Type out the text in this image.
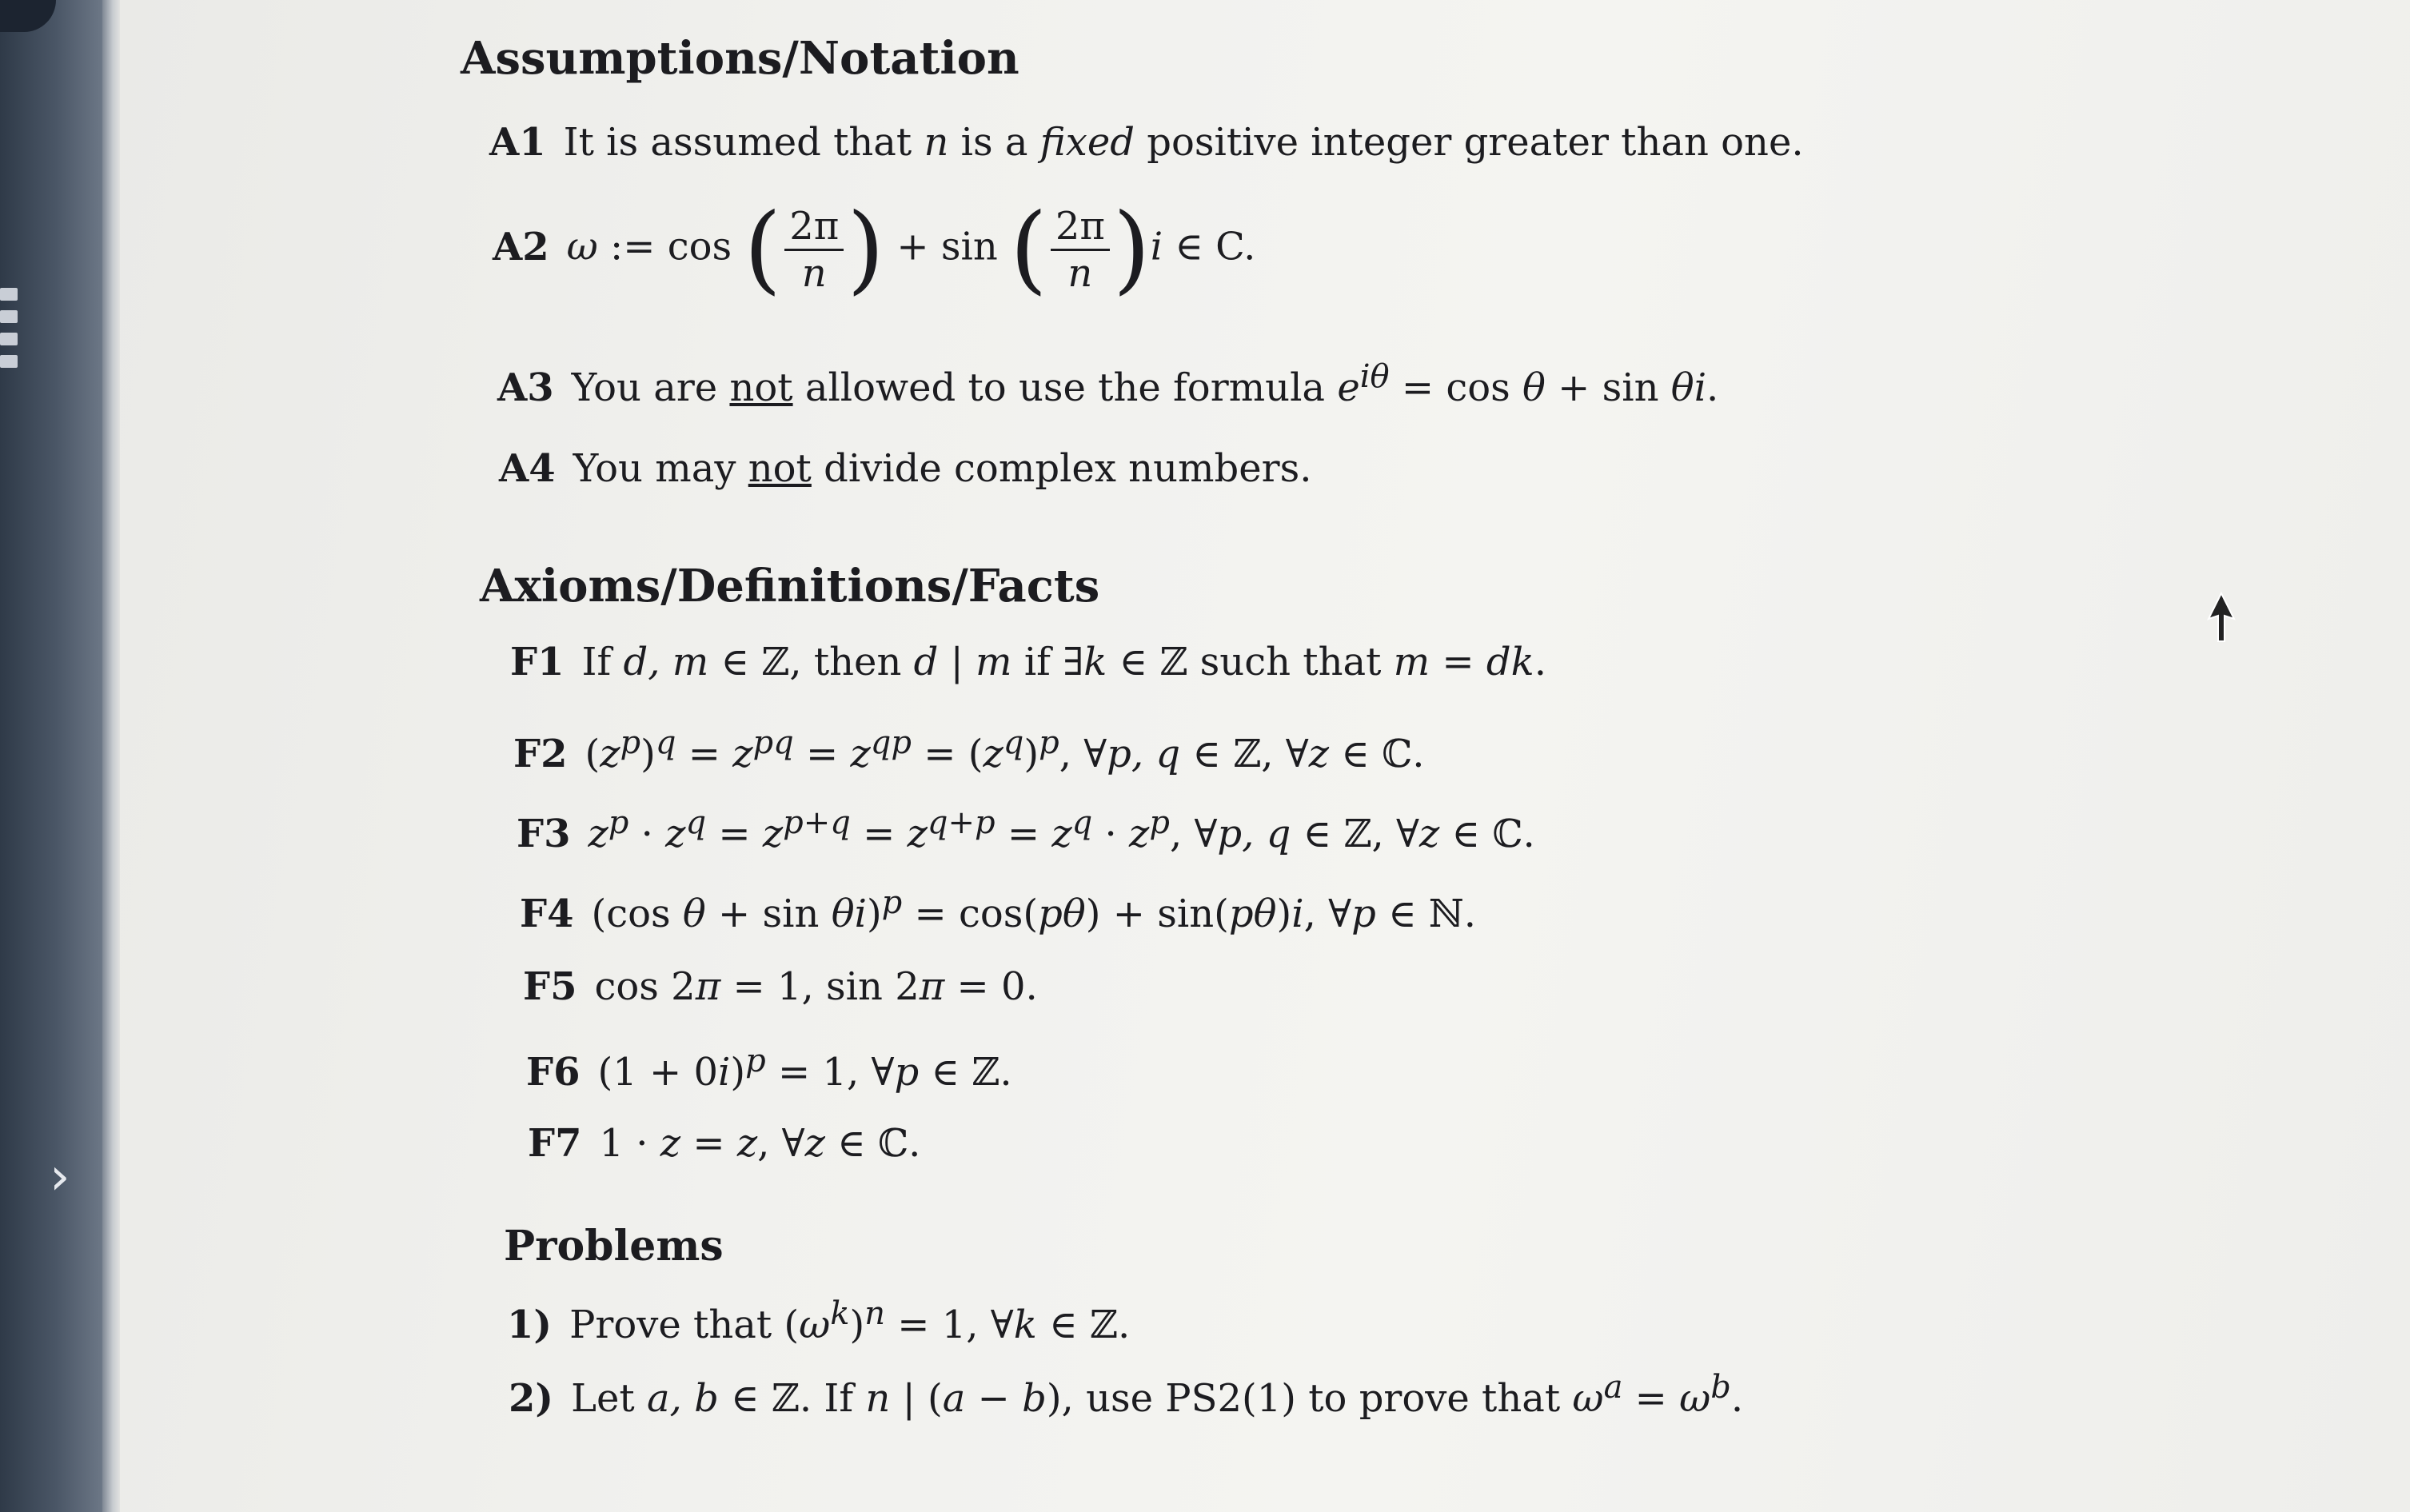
›
Assumptions/Notation

A1 It is assumed that n is a fixed positive integer greater than one.

A2 ω := cos ( $\frac{2\pi}{n}$ ) + sin ( $\frac{2\pi}{n} )i$ ∈ C.

A3 You are not allowed to use the formula $e^{i\theta} = \cos \theta + \sin \theta i$.

A4 You may not divide complex numbers.

Axioms/Definitions/Facts

F1 If d, m ∈ ℤ, then d | m if ∃k ∈ ℤ such that m = dk.

F2 $(z^p)^q = z^{pq} = z^{qp} = (z^q)^p$, ∀p, q ∈ ℤ, ∀z ∈ ℂ.

F3 $z^p \cdot z^q = z^{p+q} = z^{q+p} = z^q \cdot z^p$, ∀p, q ∈ ℤ, ∀z ∈ ℂ.

F4 (cos θ + sin θi)$^p$ = cos(pθ) + sin(pθ)i, ∀p ∈ ℕ.

F5 cos 2π = 1, sin 2π = 0.

F6 $(1 + 0i)^p = 1$, ∀p ∈ ℤ.

F7 1 · z = z, ∀z ∈ ℂ.

Problems

1) Prove that $(\omega^k)^n = 1$, ∀k ∈ ℤ.

2) Let a, b ∈ ℤ. If n | (a − b), use PS2(1) to prove that $\omega^a = \omega^b$.
